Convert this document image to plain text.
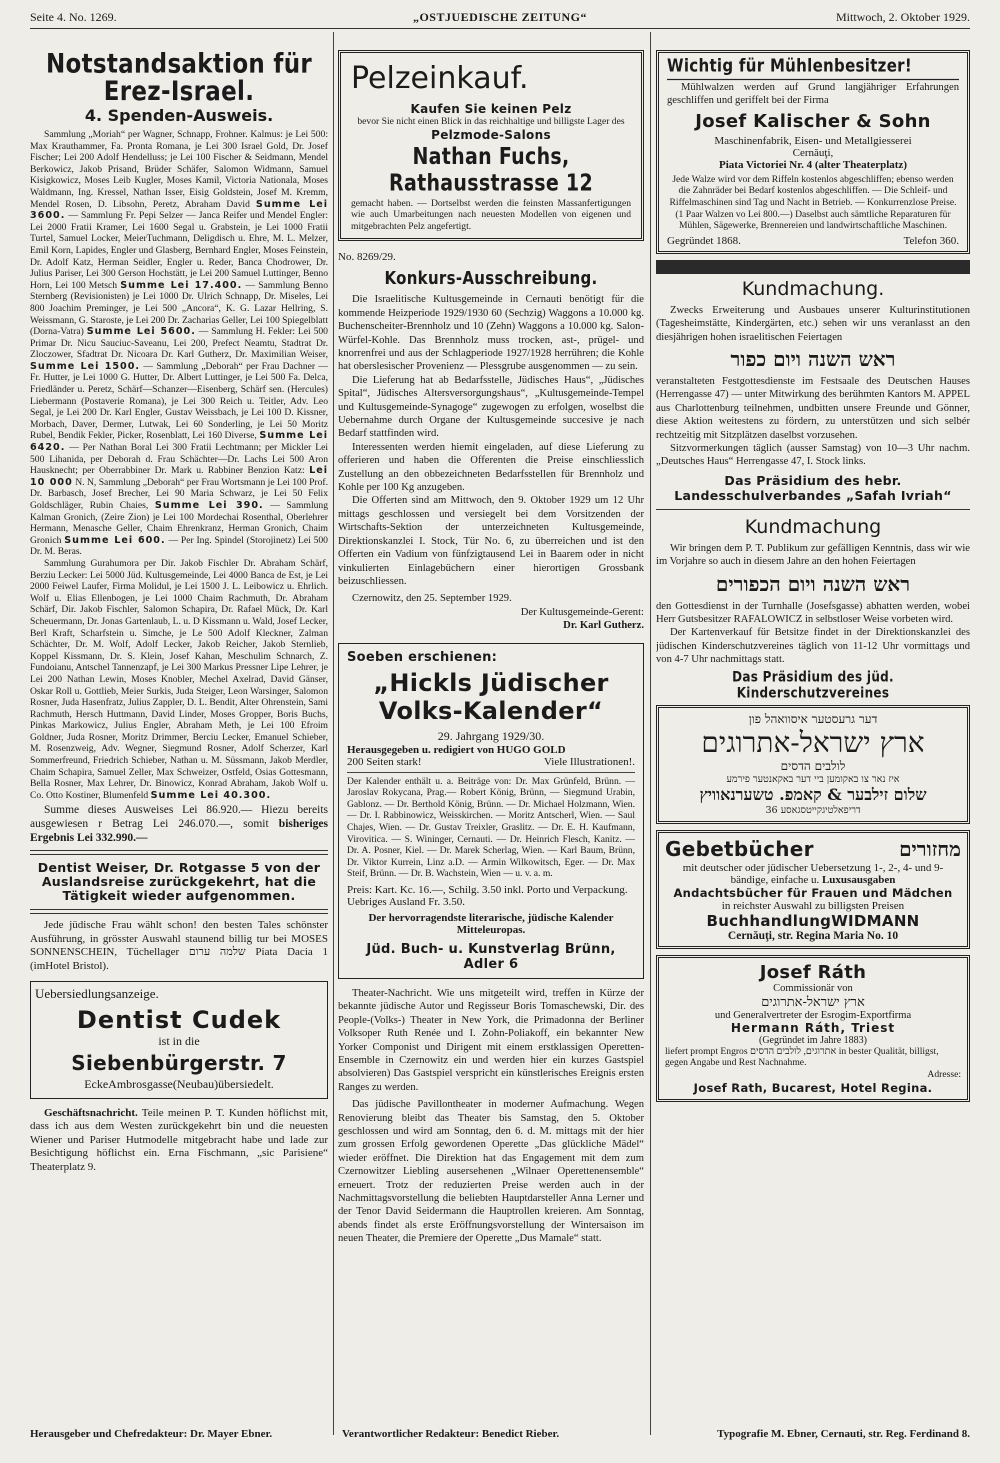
Seite 4. No. 1269.	„OSTJUEDISCHE ZEITUNG“	Mittwoch, 2. Oktober 1929.
Notstandsaktion für Erez-Israel.
4. Spenden-Ausweis.

Sammlung „Moriah“ per Wagner, Schnapp, Frohner. Kalmus: je Lei 500: Max Krauthammer, Fa. Pronta Romana, je Lei 300 Israel Gold, Dr. Josef Fischer; Lei 200 Adolf Hendelluss; je Lei 100 Fischer & Seidmann, Mendel Berkowicz, Jakob Prisand, Brüder Schäfer, Salomon Widmann, Samuel Kisigkowicz, Moses Leib Kugler, Moses Kamil, Victoria Nationala, Moses Waldmann, Ing. Kressel, Nathan Isser, Eisig Goldstein, Josef M. Kremm, Mendel Rosen, D. Libsohn, Peretz, Abraham David Summe Lei 3600. — Sammlung Fr. Pepi Selzer — Janca Reifer und Mendel Engler: Lei 2000 Fratii Kramer, Lei 1600 Segal u. Grabstein, je Lei 1000 Fratii Turtel, Samuel Locker, MeierTuchmann, Deligdisch u. Ehre, M. L. Melzer, Emil Korn, Lapides, Engler und Glasberg, Bernhard Engler, Moses Feinstein, Dr. Adolf Katz, Herman Seidler, Engler u. Reder, Banca Chodrower, Dr. Julius Pariser, Lei 300 Gerson Hochstätt, je Lei 200 Samuel Luttinger, Benno Horn, Lei 100 Metsch Summe Lei 17.400. — Sammlung Benno Sternberg (Revisionisten) je Lei 1000 Dr. Ulrich Schnapp, Dr. Miseles, Lei 800 Joachim Preminger, je Lei 500 „Ancora“, K. G. Lazar Hellring, S. Weissmann, G. Staroste, je Lei 200 Dr. Zacharias Geller, Lei 100 Spiegelblatt (Dorna-Vatra) Summe Lei 5600. — Sammlung H. Fekler: Lei 500 Primar Dr. Nicu Sauciuc-Saveanu, Lei 200, Prefect Neamtu, Stadtrat Dr. Zloczower, Sfadtrat Dr. Nicoara Dr. Karl Gutherz, Dr. Maximilian Weiser, Summe Lei 1500. — Sammlung „Deborah“ per Frau Dachner — Fr. Hutter, je Lei 1000 G. Hutter, Dr. Albert Luttinger, je Lei 500 Fa. Delca, Friedländer u. Peretz, Schärf—Schanzer—Eisenberg, Schärf sen. (Hercules) Liebermann (Postaverie Romana), je Lei 300 Reich u. Teitler, Adv. Leo Segal, je Lei 200 Dr. Karl Engler, Gustav Weissbach, je Lei 100 D. Kissner, Morbach, Daver, Dermer, Lutwak, Lei 60 Sonderling, je Lei 50 Moritz Rubel, Bendik Fekler, Picker, Rosenblatt, Lei 160 Diverse, Summe Lei 6420. — Per Nathan Boral Lei 300 Fratii Lechtmann; per Mickler Lei 500 Lihanida, per Deborah d. Frau Schächter—Dr. Lachs Lei 500 Aron Hausknecht; per Oberrabbiner Dr. Mark u. Rabbiner Benzion Katz: Lei 10 000 N. N, Sammlung „Deborah“ per Frau Wortsmann je Lei 100 Prof. Dr. Barbasch, Josef Brecher, Lei 90 Maria Schwarz, je Lei 50 Felix Goldschläger, Rubin Chaies, Summe Lei 390. — Sammlung Kalman Gronich, (Zeire Zion) je Lei 100 Mordechai Rosenthal, Oberlehrer Hermann, Menasche Geller, Chaim Ehrenkranz, Herman Gronich, Chaim Gronich Summe Lei 600. — Per Ing. Spindel (Storojinetz) Lei 500 Dr. M. Beras.

Sammlung Gurahumora per Dir. Jakob Fischler Dr. Abraham Schärf, Berziu Lecker: Lei 5000 Jüd. Kultusgemeinde, Lei 4000 Banca de Est, je Lei 2000 Feiwel Laufer, Firma Molidul, je Lei 1500 J. L. Leibowicz u. Ehrlich. Wolf u. Elias Ellenbogen, je Lei 1000 Chaim Rachmuth, Dr. Abraham Schärf, Dir. Jakob Fischler, Salomon Schapira, Dr. Rafael Mück, Dr. Karl Scheuermann, Dr. Jonas Gartenlaub, L. u. D Kissmann u. Wald, Josef Lecker, Berl Kraft, Scharfstein u. Simche, je Le 500 Adolf Kleckner, Zalman Schächter, Dr. M. Wolf, Adolf Lecker, Jakob Reicher, Jakob Sternlieb, Koppel Kissmann, Dr. S. Klein, Josef Kahan, Meschulim Schnarch, Z. Fundoianu, Antschel Tannenzapf, je Lei 300 Markus Pressner Lipe Lehrer, je Lei 200 Nathan Lewin, Moses Knobler, Mechel Axelrad, David Gänser, Oskar Roll u. Gottlieb, Meier Surkis, Juda Steiger, Leon Warsinger, Salomon Rosner, Juda Hasenfratz, Julius Zappler, D. L. Bendit, Alter Ohrenstein, Sami Rachmuth, Hersch Huttmann, David Linder, Moses Gropper, Boris Buchs, Pinkas Markowicz, Julius Engler, Abraham Meth, je Lei 100 Efroim Goldner, Juda Rosner, Moritz Drimmer, Berciu Lecker, Emanuel Schieber, M. Rosenzweig, Adv. Wegner, Siegmund Rosner, Adolf Scherzer, Karl Sommerfreund, Friedrich Schieber, Nathan u. M. Süssmann, Jakob Merdler, Chaim Schapira, Samuel Zeller, Max Schweizer, Ostfeld, Osias Gottesmann, Bella Rosner, Max Lehrer, Dr. Binowicz, Konrad Abraham, Jakob Wolf u. Co. Otto Kostiner, Blumenfeld Summe Lei 40.300.

Summe dieses Ausweises Lei 86.920.— Hiezu bereits ausgewiesen r Betrag Lei 246.070.—, somit bisheriges Ergebnis Lei 332.990.—

Dentist Weiser, Dr. Rotgasse 5 von der Auslandsreise zurückgekehrt, hat die Tätigkeit wieder aufgenommen.

Jede jüdische Frau wählt schon! den besten Tales schönster Ausführung, in grösster Auswahl staunend billig tur bei MOSES SONNENSCHEIN, Tüchellager שלמה ערום Piata Dacia 1 (imHotel Bristol).

Uebersiedlungsanzeige.
Dentist Cudek
ist in die
Siebenbürgerstr. 7
EckeAmbrosgasse(Neubau)übersiedelt.

Geschäftsnachricht. Teile meinen P. T. Kunden höflichst mit, dass ich aus dem Westen zurückgekehrt bin und die neuesten Wiener und Pariser Hutmodelle mitgebracht habe und lade zur Besichtigung höflichst ein. Erna Fischmann, „sic Parisiene“ Theaterplatz 9.

Pelzeinkauf.
Kaufen Sie keinen Pelz
bevor Sie nicht einen Blick in das reichhaltige und billigste Lager des
Pelzmode-Salons
Nathan Fuchs, Rathausstrasse 12
gemacht haben. — Dortselbst werden die feinsten Massanfertigungen wie auch Umarbeitungen nach neuesten Modellen von eigenen und mitgebrachten Pelz angefertigt.
No. 8269/29.
Konkurs-Ausschreibung.

Die Israelitische Kultusgemeinde in Cernauti benötigt für die kommende Heizperiode 1929/1930 60 (Sechzig) Waggons a 10.000 kg. Buchenscheiter-Brennholz und 10 (Zehn) Waggons a 10.000 kg. Salon-Würfel-Kohle. Das Brennholz muss trocken, ast-, prügel- und knorrenfrei und aus der Schlagperiode 1927/1928 herrühren; die Kohle hat oberslesischer Provenienz — Plessgrube ausgenommen — zu sein.

Die Lieferung hat ab Bedarfsstelle, Jüdisches Haus“, „Jüdisches Spital“, Jüdisches Altersversorgungshaus“, „Kultusgemeinde-Tempel und Kultusgemeinde-Synagoge“ zugewogen zu erfolgen, woselbst die Uebernahme durch Organe der Kultusgemeinde succesive je nach Bedarf stattfinden wird.

Interessenten werden hiemit eingeladen, auf diese Lieferung zu offerieren und haben die Offerenten die Preise einschliesslich Zustellung an den obbezeichneten Bedarfsstellen für Brennholz und Kohle per 100 Kg anzugeben.

Die Offerten sind am Mittwoch, den 9. Oktober 1929 um 12 Uhr mittags geschlossen und versiegelt bei dem Vorsitzenden der Wirtschafts-Sektion der unterzeichneten Kultusgemeinde, Direktionskanzlei I. Stock, Tür No. 6, zu überreichen und ist den Offerten ein Vadium von fünfzigtausend Lei in Baarem oder in nicht vinkulierten Einlagebüchern einer hierortigen Grossbank beizuschliessen.

Czernowitz, den 25. September 1929.

Der Kultusgemeinde-Gerent:

Dr. Karl Gutherz.

Soeben erschienen:
„Hickls Jüdischer
Volks-Kalender“
29. Jahrgang 1929/30.
Herausgegeben u. redigiert von HUGO GOLD
200 Seiten stark!	Viele Illustrationen!.
Der Kalender enthält u. a. Beiträge von: Dr. Max Grünfeld, Brünn. — Jaroslav Rokycana, Prag.— Robert König, Brünn, — Siegmund Urabin, Gablonz. — Dr. Berthold König, Brünn. — Dr. Michael Holzmann, Wien. — Dr. I. Rabbinowicz, Weisskirchen. — Moritz Antscherl, Wien. — Saul Chajes, Wien. — Dr. Gustav Treixler, Graslitz. — Dr. E. H. Kaufmann, Virovitica. — S. Wininger, Cernauti. — Dr. Heinrich Flesch, Kanitz. — Dr. A. Posner, Kiel. — Dr. Marek Scherlag, Wien. — Karl Baum, Brünn, Dr. Viktor Kurrein, Linz a.D. — Armin Wilkowitsch, Eger. — Dr. Max Steif, Brünn. — Dr. B. Wachstein, Wien — u. v. a. m.
Preis: Kart. Kc. 16.—, Schilg. 3.50 inkl. Porto und Verpackung. Uebriges Ausland Fr. 3.50.
Der hervorragendste literarische, jüdische Kalender Mitteleuropas.
Jüd. Buch- u. Kunstverlag Brünn, Adler 6

Theater-Nachricht. Wie uns mitgeteilt wird, treffen in Kürze der bekannte jüdische Autor und Regisseur Boris Tomaschewski, Dir. des People-(Volks-) Theater in New York, die Primadonna der Berliner Volksoper Ruth Renée und I. Zohn-Poliakoff, ein bekannter New Yorker Componist und Dirigent mit einem erstklassigen Operetten-Ensemble in Czernowitz ein und werden hier ein kurzes Gastspiel absolvieren) Das Gastspiel verspricht ein künstlerisches Ereignis ersten Ranges zu werden.

Das jüdische Pavillontheater in moderner Aufmachung. Wegen Renovierung bleibt das Theater bis Samstag, den 5. Oktober geschlossen und wird am Sonntag, den 6. d. M. mittags mit der hier zum grossen Erfolg gewordenen Operette „Das glückliche Mädel“ wieder eröffnet. Die Direktion hat das Engagement mit dem zum Czernowitzer Liebling ausersehenen „Wilnaer Operettenensemble“ erneuert. Trotz der reduzierten Preise werden auch in der Nachmittagsvorstellung die beliebten Hauptdarsteller Anna Lerner und der Tenor David Seidermann die Hauptrollen kreieren. Am Sonntag, abends findet als erste Eröffnungsvorstellung der Wintersaison im neuen Theater, die Premiere der Operette „Dus Mamale“ statt.

Wichtig für Mühlenbesitzer!

Mühlwalzen werden auf Grund langjähriger Erfahrungen geschliffen und geriffelt bei der Firma

Josef Kalischer & Sohn
Maschinenfabrik, Eisen- und Metallgiesserei
Cernăuţi,
Piata Victoriei Nr. 4 (alter Theaterplatz)

Jede Walze wird vor dem Riffeln kostenlos abgeschliffen; ebenso werden die Zahnräder bei Bedarf kostenlos abgeschliffen. — Die Schleif- und Riffelmaschinen sind Tag und Nacht in Betrieb. — Konkurrenzlose Preise. (1 Paar Walzen vo Lei 800.—) Daselbst auch sämtliche Reparaturen für Mühlen, Sägewerke, Brennereien und landwirtschaftliche Maschinen.

Gegründet 1868.	Telefon 360.
Kundmachung.

Zwecks Erweiterung und Ausbaues unserer Kulturinstitutionen (Tagesheimstätte, Kindergärten, etc.) sehen wir uns veranlasst an den diesjährigen hohen israelitischen Feiertagen

ראש השנה ויום כפור

veranstalteten Festgottesdienste im Festsaale des Deutschen Hauses (Herrengasse 47) — unter Mitwirkung des berühmten Kantors M. APPEL aus Charlottenburg teilnehmen, undbitten unsere Freunde und Gönner, diese Aktion weitestens zu fördern, zu unterstützen und sich selbér rechtzeitig mit Sitzplätzen daselbst vorzusehen.

Sitzvormerkungen täglich (ausser Samstag) von 10—3 Uhr nachm. „Deutsches Haus“ Herrengasse 47, I. Stock links.

Das Präsidium des hebr. Landesschulverbandes „Safah Ivriah“
Kundmachung

Wir bringen dem P. T. Publikum zur gefälligen Kenntnis, dass wir wie im Vorjahre so auch in diesem Jahre an den hohen Feiertagen

ראש השנה ויום הכפורים

den Gottesdienst in der Turnhalle (Josefsgasse) abhatten werden, wobei Herr Gutsbesitzer RAFALOWICZ in selbstloser Weise vorbeten wird.

Der Kartenverkauf für Betsitze findet in der Direktionskanzlei des jüdischen Kinderschutzvereines täglich von 11-12 Uhr vormittags und von 4-7 Uhr nachmittags statt.

Das Präsidium des jüd. Kinderschutzvereines
דער גרעסטער איסוואהל פון
ארץ ישראל-אתרוגים
לולבים הדסים
איז נאר צו באקומען ביי דער באקאנטער פירמע
שלום זילבער & קאמפ. טשערנאוויץ
דריפאלטיגקייטסגאסע 36
Gebetbücher	מחזורים
mit deutscher oder jüdischer Uebersetzung 1-, 2-, 4- und 9-bändige, einfache u. Luxusausgaben
Andachtsbücher für Frauen und Mädchen
in reichster Auswahl zu billigsten Preisen
BuchhandlungWIDMANN
Cernăuţi, str. Regina Maria No. 10
Josef Ráth
Commissionär von
ארץ ישראל-אתרוגים
und Generalvertreter der Esrogim-Exportfirma
Hermann Ráth, Triest
(Gegründet im Jahre 1883)
liefert prompt Engros אתרוגים, לולבים הדסים in bester Qualität, billigst, gegen Angabe und Rest Nachnahme.
Adresse:
Josef Rath, Bucarest, Hotel Regina.
Herausgeber und Chefredakteur: Dr. Mayer Ebner.	Verantwortlicher Redakteur: Benedict Rieber.	Typografie M. Ebner, Cernauti, str. Reg. Ferdinand 8.
